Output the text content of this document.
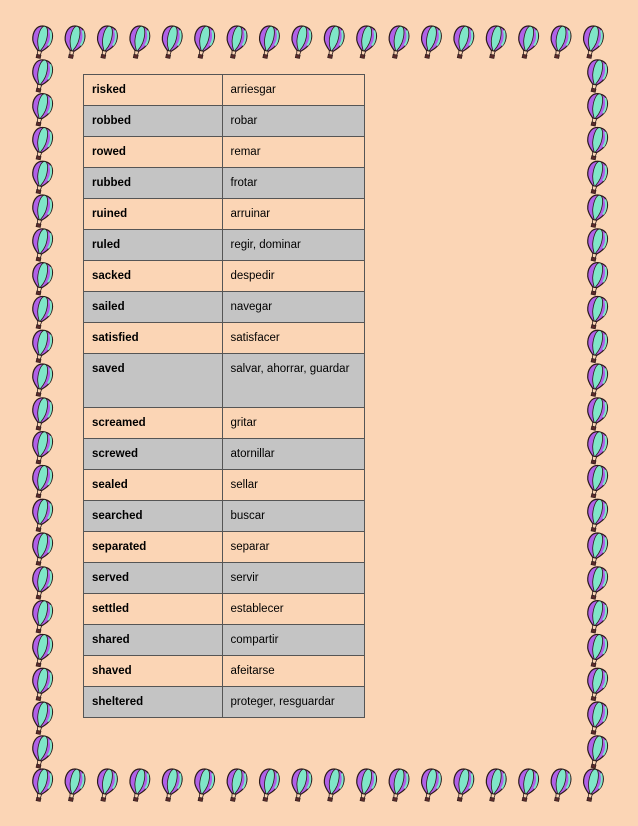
risked	arriesgar
robbed	robar
rowed	remar
rubbed	frotar
ruined	arruinar
ruled	regir, dominar
sacked	despedir
sailed	navegar
satisfied	satisfacer
saved	salvar, ahorrar, guardar
screamed	gritar
screwed	atornillar
sealed	sellar
searched	buscar
separated	separar
served	servir
settled	establecer
shared	compartir
shaved	afeitarse
sheltered	proteger, resguardar
